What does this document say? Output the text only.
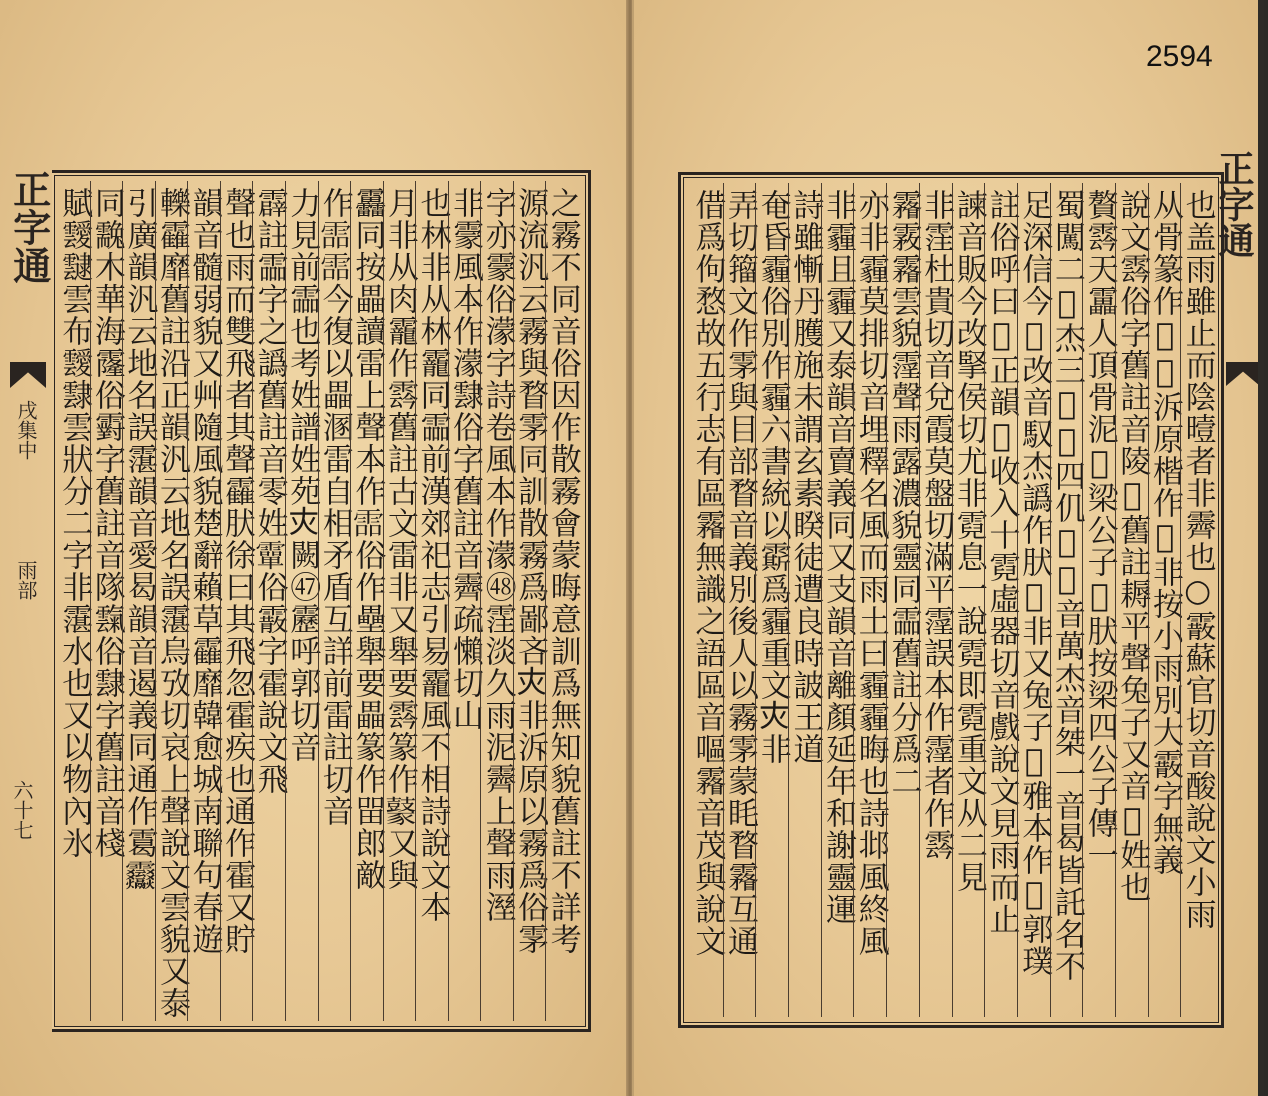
正字通
戌集中
雨部
六十七	之霧不同音俗因作散霧會蒙晦意訓爲無知貌舊註不詳考
源流汎云霧與瞀雺同訓散霧爲鄙吝𡗜非泝原以霧爲俗雺
字亦霥俗濛字詩卷風本作濛㊽霔淡久雨泥霽上聲雨溼
非霥風本作濛霴俗字舊註音霽疏懶切山
也林非从林靇同霝前漢郊祀志引易靇風不相詩說文本
月非从肉靇作𩃬舊註古文雷非又舉要𩃬篆作𪔟又與
靐同按畾讀雷上聲本作𩂩俗作壘舉要畾篆作㽞郎敵
作𩂩𩂩今復以畾溷雷自相矛盾互詳前雷註切音
力見前霝也考姓譜姓苑𡗜闕㊼靂呼郭切音
霹註霝字之譌舊註音零姓𩅦俗霰字霍說文飛
聲也雨而雙飛者其聲靃肰徐曰其飛忽霍疾也通作霍又貯
韻音髓弱貌又艸隨風貌楚辭藾草靃靡韓愈城南聯句春遊
轢靃靡舊註沿正韻汎云地名誤霮烏攷切哀上聲說文雲貌又泰
引廣韻汎云地名誤霮韻音愛曷韻音遏義同通作䨠𩇒
同䨲木華海霳俗䨴字舊註音隊霼俗霴字舊註音棧
賦靉靆雲布靉霴雲狀分二字非霮水也又以物內氷	也盖雨雖止而陰曀者非霽也○霰蘇官切音酸說文小雨
从骨篆作𩃣𩃵泝原楷作𩄣非按小雨別大霰字無義
說文𩃬俗字舊註音陵𩆞舊註耨平聲兔子又音𩆞姓也
贅𩃬天靁人頂骨泥𩆞梁公子𩆞肰按梁四公子傳一
蜀闖二𩆞杰三𩆞𩆞四仉𩆞𩆞音萬杰音桀一音曷皆託名不
足深信今𩆞改音馭杰譌作肰𡗜非又兔子𪓑雅本作𩆠郭璞
註俗呼曰𩆞正韻𩆞收入十霓虛器切音戲說文見雨而止
諫音販今改掔侯切尤非霓息一說霓即霓重文从二見
非霔杜貴切音兌霞莫盤切滿平霪誤本作霪者作𩃬
霿霚霿雲貌霪聲雨露濃貌靈同霝舊註分爲二
亦非霾莫排切音埋釋名風而雨土曰霾霾晦也詩邶風終風
非霾且霾又泰韻音賣義同又支韻音離顏延年和謝靈運
詩雖慚丹臒施未謂玄素睽徒遭良時詖王道
奄昏霾俗別作霾六書統以𩅰爲霾重文𡗜非
弄切籀文作雺與目部瞀音義別後人以霧雺蒙眊瞀霿互通
借爲佝愗故五行志有區霿無識之語區音嘔霿音茂與說文	正字通
2594
